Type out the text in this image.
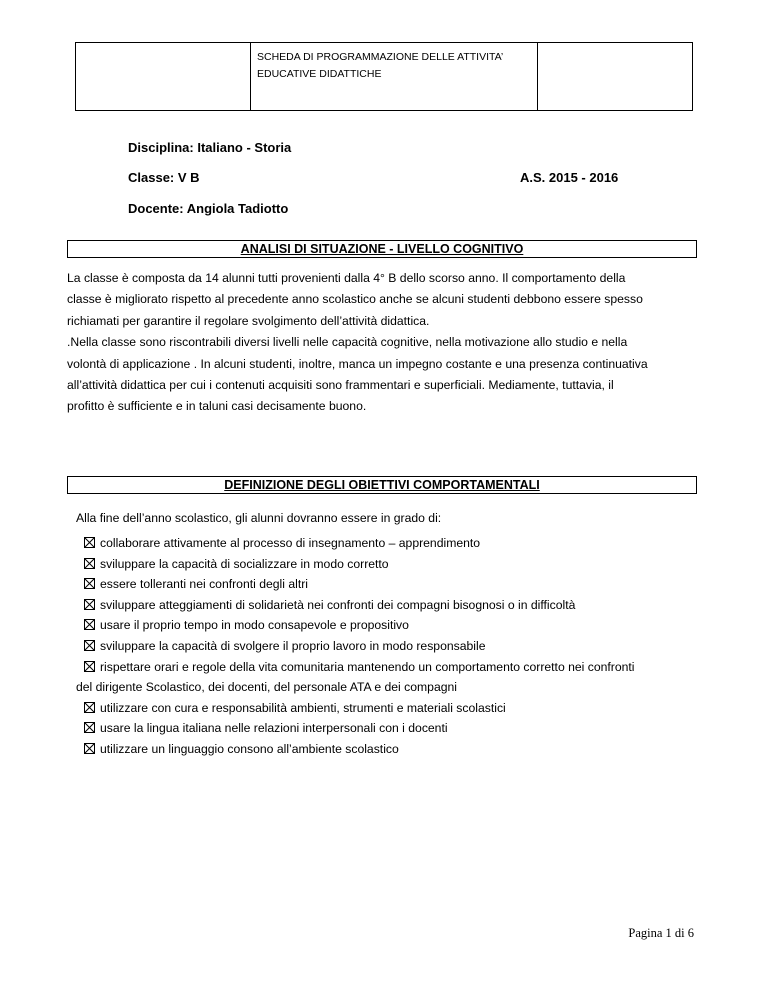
SCHEDA DI PROGRAMMAZIONE DELLE ATTIVITA’
EDUCATIVE DIDATTICHE
Disciplina: Italiano - Storia
Classe: V B	A.S. 2015 - 2016
Docente: Angiola Tadiotto
ANALISI DI SITUAZIONE - LIVELLO COGNITIVO

La classe è composta da 14 alunni tutti provenienti dalla 4° B dello scorso anno. Il comportamento della

classe è migliorato rispetto al precedente anno scolastico anche se alcuni studenti debbono essere spesso

richiamati per garantire il regolare svolgimento dell’attività didattica.

.Nella classe sono riscontrabili diversi livelli nelle capacità cognitive, nella motivazione allo studio e nella

volontà di applicazione . In alcuni studenti, inoltre, manca un impegno costante e una presenza continuativa

all’attività didattica per cui i contenuti acquisiti sono frammentari e superficiali. Mediamente, tuttavia, il

profitto è sufficiente e in taluni casi decisamente buono.

DEFINIZIONE DEGLI OBIETTIVI COMPORTAMENTALI
Alla fine dell’anno scolastico, gli alunni dovranno essere in grado di:
collaborare attivamente al processo di insegnamento – apprendimento
sviluppare la capacità di socializzare in modo corretto
essere tolleranti nei confronti degli altri
sviluppare atteggiamenti di solidarietà nei confronti dei compagni bisognosi o in difficoltà
usare il proprio tempo in modo consapevole e propositivo
sviluppare la capacità di svolgere il proprio lavoro in modo responsabile
rispettare orari e regole della vita comunitaria mantenendo un comportamento corretto nei confronti
del dirigente Scolastico, dei docenti, del personale ATA e dei compagni
utilizzare con cura e responsabilità ambienti, strumenti e materiali scolastici
usare la lingua italiana nelle relazioni interpersonali con i docenti
utilizzare un linguaggio consono all’ambiente scolastico
Pagina 1 di 6
